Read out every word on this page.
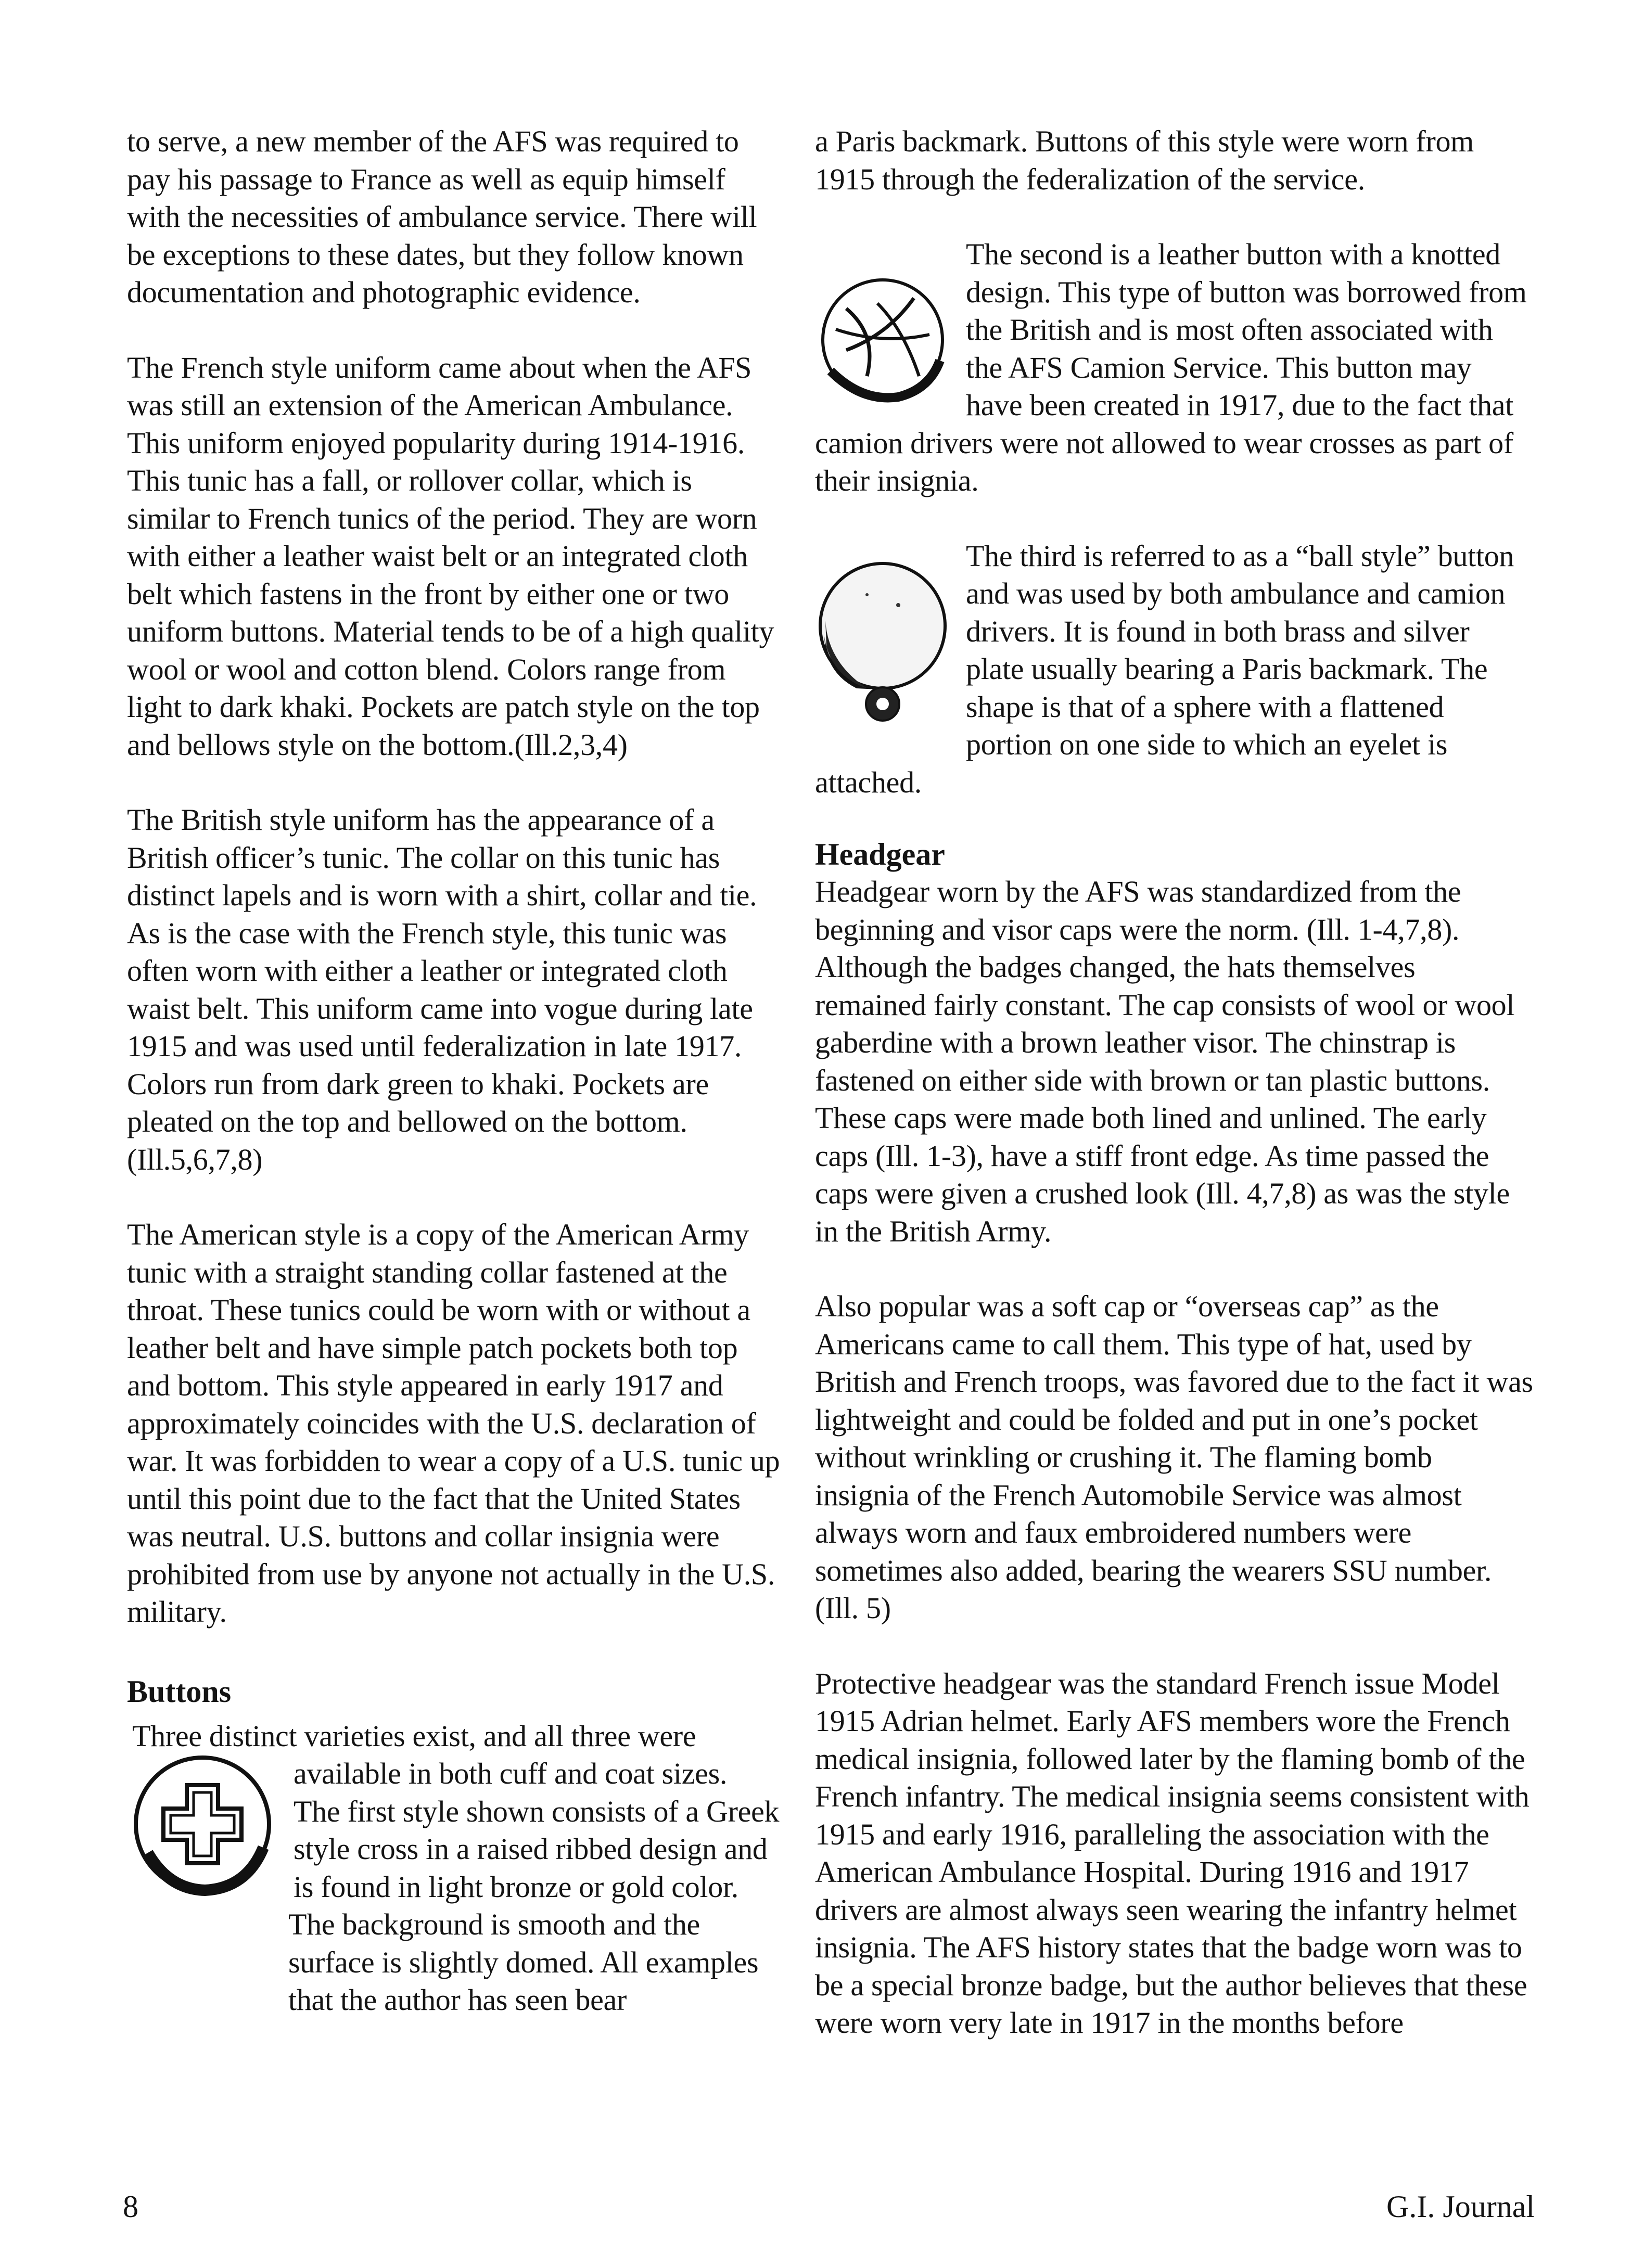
to serve, a new member of the AFS was required to pay his passage to France as well as equip himself with the necessities of ambulance service. There will be exceptions to these dates, but they follow known documentation and photographic evidence.

The French style uniform came about when the AFS was still an extension of the American Ambulance. This uniform enjoyed popularity during 1914-1916. This tunic has a fall, or rollover collar, which is similar to French tunics of the period. They are worn with either a leather waist belt or an integrated cloth belt which fastens in the front by either one or two uniform buttons. Material tends to be of a high quality wool or wool and cotton blend. Colors range from light to dark khaki. Pockets are patch style on the top and bellows style on the bottom.(Ill.2,3,4)

The British style uniform has the appearance of a British officer’s tunic. The collar on this tunic has distinct lapels and is worn with a shirt, collar and tie. As is the case with the French style, this tunic was often worn with either a leather or integrated cloth waist belt. This uniform came into vogue during late 1915 and was used until federalization in late 1917. Colors run from dark green to khaki. Pockets are pleated on the top and bellowed on the bottom.(Ill.5,6,7,8)

The American style is a copy of the American Army tunic with a straight standing collar fastened at the throat. These tunics could be worn with or without a leather belt and have simple patch pockets both top and bottom. This style appeared in early 1917 and approximately coincides with the U.S. declaration of war. It was forbidden to wear a copy of a U.S. tunic up until this point due to the fact that the United States was neutral. U.S. buttons and collar insignia were prohibited from use by anyone not actually in the U.S. military.

Buttons

Three distinct varieties exist, and all three were available in both cuff and coat sizes. The first style shown consists of a Greek style cross in a raised ribbed design and is found in light bronze or gold color. The background is smooth and the surface is slightly domed. All examples that the author has seen bear

a Paris backmark. Buttons of this style were worn from 1915 through the federalization of the service.

The second is a leather button with a knotted design. This type of button was borrowed from the British and is most often associated with the AFS Camion Service. This button may have been created in 1917, due to the fact that camion drivers were not allowed to wear crosses as part of their insignia.

The third is referred to as a “ball style” button and was used by both ambulance and camion drivers. It is found in both brass and silver plate usually bearing a Paris backmark. The shape is that of a sphere with a flattened portion on one side to which an eyelet is attached.

Headgear

Headgear worn by the AFS was standardized from the beginning and visor caps were the norm. (Ill. 1-4,7,8). Although the badges changed, the hats themselves remained fairly constant. The cap consists of wool or wool gaberdine with a brown leather visor. The chinstrap is fastened on either side with brown or tan plastic buttons. These caps were made both lined and unlined. The early caps (Ill. 1-3), have a stiff front edge. As time passed the caps were given a crushed look (Ill. 4,7,8) as was the style in the British Army.

Also popular was a soft cap or “overseas cap” as the Americans came to call them. This type of hat, used by British and French troops, was favored due to the fact it was lightweight and could be folded and put in one’s pocket without wrinkling or crushing it. The flaming bomb insignia of the French Automobile Service was almost always worn and faux embroidered numbers were sometimes also added, bearing the wearers SSU number. (Ill. 5)

Protective headgear was the standard French issue Model 1915 Adrian helmet. Early AFS members wore the French medical insignia, followed later by the flaming bomb of the French infantry. The medical insignia seems consistent with 1915 and early 1916, paralleling the association with the American Ambulance Hospital. During 1916 and 1917 drivers are almost always seen wearing the infantry helmet insignia. The AFS history states that the badge worn was to be a special bronze badge, but the author believes that these were worn very late in 1917 in the months before

8	G.I. Journal
